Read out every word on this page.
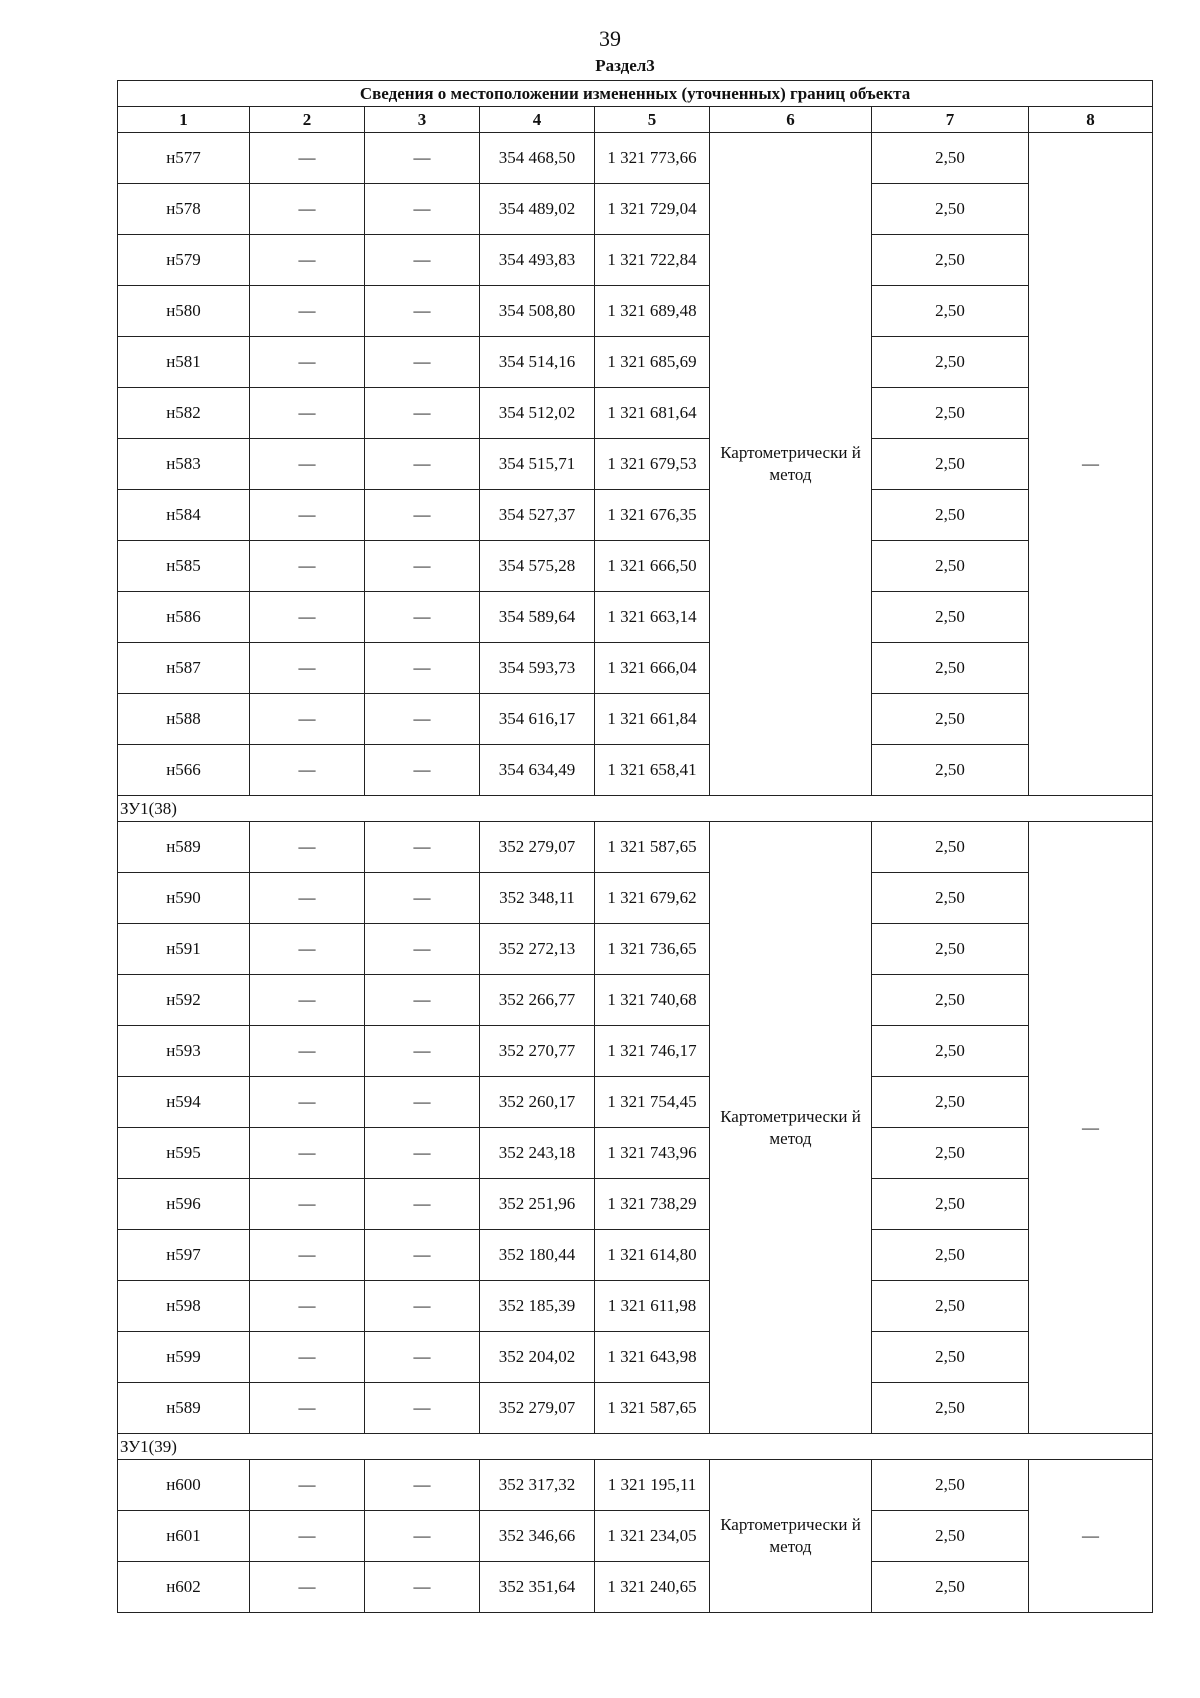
39
Раздел3
Сведения о местоположении измененных (уточненных) границ объекта							
1	2	3	4	5	6	7	8
н577	—	—	354 468,50	1 321 773,66	Картометрически й метод	2,50	—
н578	—	—	354 489,02	1 321 729,04		2,50	
н579	—	—	354 493,83	1 321 722,84		2,50	
н580	—	—	354 508,80	1 321 689,48		2,50	
н581	—	—	354 514,16	1 321 685,69		2,50	
н582	—	—	354 512,02	1 321 681,64		2,50	
н583	—	—	354 515,71	1 321 679,53		2,50	
н584	—	—	354 527,37	1 321 676,35		2,50	
н585	—	—	354 575,28	1 321 666,50		2,50	
н586	—	—	354 589,64	1 321 663,14		2,50	
н587	—	—	354 593,73	1 321 666,04		2,50	
н588	—	—	354 616,17	1 321 661,84		2,50	
н566	—	—	354 634,49	1 321 658,41		2,50	
ЗУ1(38)							
н589	—	—	352 279,07	1 321 587,65	Картометрически й метод	2,50	—
н590	—	—	352 348,11	1 321 679,62		2,50	
н591	—	—	352 272,13	1 321 736,65		2,50	
н592	—	—	352 266,77	1 321 740,68		2,50	
н593	—	—	352 270,77	1 321 746,17		2,50	
н594	—	—	352 260,17	1 321 754,45		2,50	
н595	—	—	352 243,18	1 321 743,96		2,50	
н596	—	—	352 251,96	1 321 738,29		2,50	
н597	—	—	352 180,44	1 321 614,80		2,50	
н598	—	—	352 185,39	1 321 611,98		2,50	
н599	—	—	352 204,02	1 321 643,98		2,50	
н589	—	—	352 279,07	1 321 587,65		2,50	
ЗУ1(39)							
н600	—	—	352 317,32	1 321 195,11	Картометрически й метод	2,50	—
н601	—	—	352 346,66	1 321 234,05		2,50	
н602	—	—	352 351,64	1 321 240,65		2,50	
